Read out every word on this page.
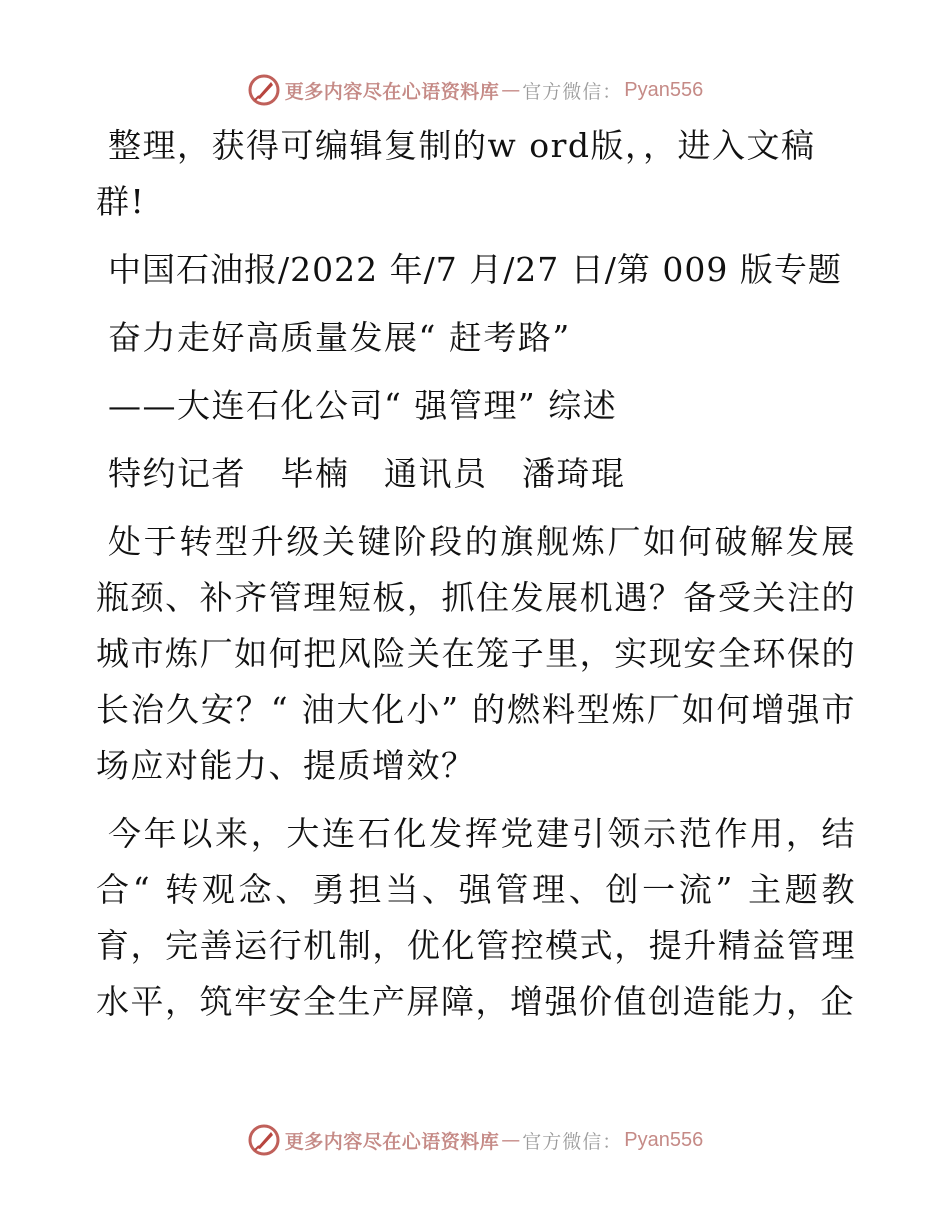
更多内容尽在心语资料库 — 官方微信： Pyan556

整理，获得可编辑复制的w ord版，，进入文稿群!

中国石油报/2022 年/7 月/27 日/第 009 版专题

奋力走好高质量发展“ 赶考路”

——大连石化公司“ 强管理” 综述

特约记者　毕楠　通讯员　潘琦琨

处于转型升级关键阶段的旗舰炼厂如何破解发展瓶颈、补齐管理短板，抓住发展机遇？备受关注的城市炼厂如何把风险关在笼子里，实现安全环保的长治久安？“ 油大化小” 的燃料型炼厂如何增强市场应对能力、提质增效？

今年以来，大连石化发挥党建引领示范作用，结合“ 转观念、勇担当、强管理、创一流” 主题教育，完善运行机制，优化管控模式，提升精益管理水平，筑牢安全生产屏障，增强价值创造能力，企

更多内容尽在心语资料库 — 官方微信： Pyan556
